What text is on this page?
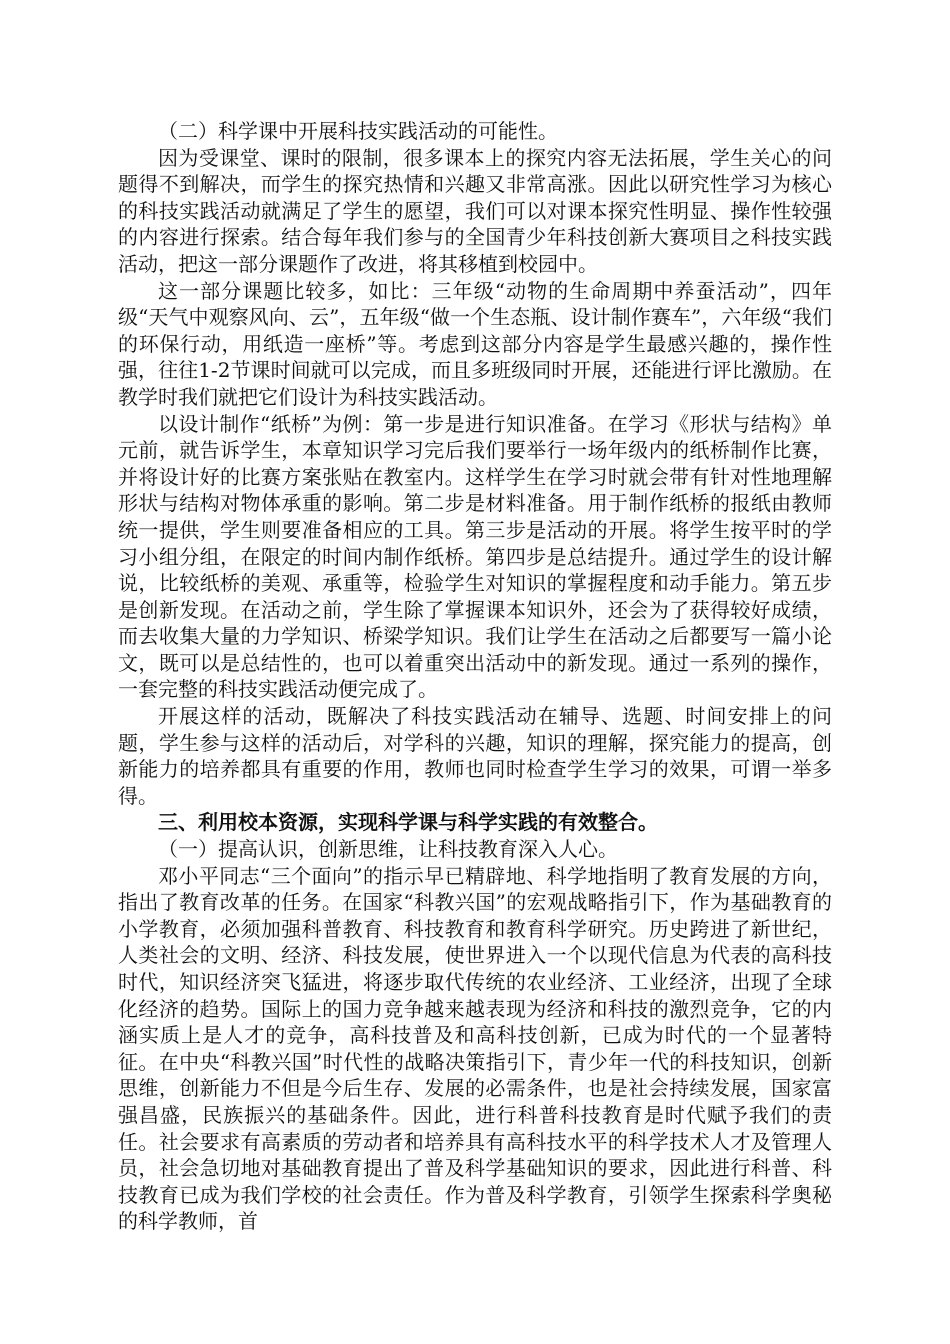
（二）科学课中开展科技实践活动的可能性。

因为受课堂、课时的限制，很多课本上的探究内容无法拓展，学生关心的问题得不到解决，而学生的探究热情和兴趣又非常高涨。因此以研究性学习为核心的科技实践活动就满足了学生的愿望，我们可以对课本探究性明显、操作性较强的内容进行探索。结合每年我们参与的全国青少年科技创新大赛项目之科技实践活动，把这一部分课题作了改进，将其移植到校园中。

这一部分课题比较多，如比：三年级“动物的生命周期中养蚕活动”，四年级“天气中观察风向、云”，五年级“做一个生态瓶、设计制作赛车”，六年级“我们的环保行动，用纸造一座桥”等。考虑到这部分内容是学生最感兴趣的，操作性强，往往1-2节课时间就可以完成，而且多班级同时开展，还能进行评比激励。在教学时我们就把它们设计为科技实践活动。

以设计制作“纸桥”为例：第一步是进行知识准备。在学习《形状与结构》单元前，就告诉学生，本章知识学习完后我们要举行一场年级内的纸桥制作比赛，并将设计好的比赛方案张贴在教室内。这样学生在学习时就会带有针对性地理解形状与结构对物体承重的影响。第二步是材料准备。用于制作纸桥的报纸由教师统一提供，学生则要准备相应的工具。第三步是活动的开展。将学生按平时的学习小组分组，在限定的时间内制作纸桥。第四步是总结提升。通过学生的设计解说，比较纸桥的美观、承重等，检验学生对知识的掌握程度和动手能力。第五步是创新发现。在活动之前，学生除了掌握课本知识外，还会为了获得较好成绩，而去收集大量的力学知识、桥梁学知识。我们让学生在活动之后都要写一篇小论文，既可以是总结性的，也可以着重突出活动中的新发现。通过一系列的操作，一套完整的科技实践活动便完成了。

开展这样的活动，既解决了科技实践活动在辅导、选题、时间安排上的问题，学生参与这样的活动后，对学科的兴趣，知识的理解，探究能力的提高，创新能力的培养都具有重要的作用，教师也同时检查学生学习的效果，可谓一举多得。

三、利用校本资源，实现科学课与科学实践的有效整合。

（一）提高认识，创新思维，让科技教育深入人心。

邓小平同志“三个面向”的指示早已精辟地、科学地指明了教育发展的方向，指出了教育改革的任务。在国家“科教兴国”的宏观战略指引下，作为基础教育的小学教育，必须加强科普教育、科技教育和教育科学研究。历史跨进了新世纪，人类社会的文明、经济、科技发展，使世界进入一个以现代信息为代表的高科技时代，知识经济突飞猛进，将逐步取代传统的农业经济、工业经济，出现了全球化经济的趋势。国际上的国力竞争越来越表现为经济和科技的激烈竞争，它的内涵实质上是人才的竞争，高科技普及和高科技创新，已成为时代的一个显著特征。在中央“科教兴国”时代性的战略决策指引下，青少年一代的科技知识，创新思维，创新能力不但是今后生存、发展的必需条件，也是社会持续发展，国家富强昌盛，民族振兴的基础条件。因此，进行科普科技教育是时代赋予我们的责任。社会要求有高素质的劳动者和培养具有高科技水平的科学技术人才及管理人员，社会急切地对基础教育提出了普及科学基础知识的要求，因此进行科普、科技教育已成为我们学校的社会责任。作为普及科学教育，引领学生探索科学奥秘的科学教师，首
